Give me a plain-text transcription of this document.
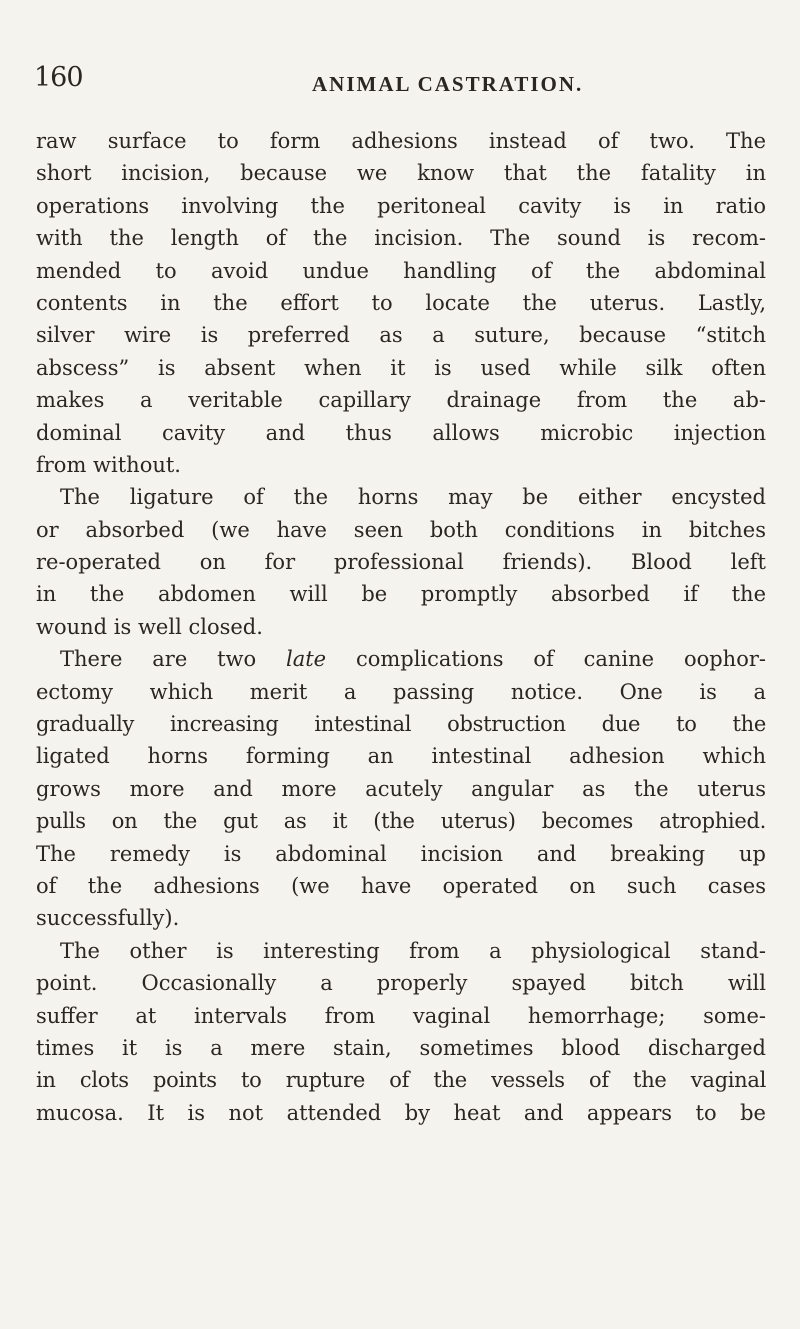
160	ANIMAL CASTRATION.
raw surface to form adhesions instead of two. The
short incision, because we know that the fatality in
operations involving the peritoneal cavity is in ratio
with the length of the incision. The sound is recom-
mended to avoid undue handling of the abdominal
contents in the effort to locate the uterus. Lastly,
silver wire is preferred as a suture, because “stitch
abscess” is absent when it is used while silk often
makes a veritable capillary drainage from the ab-
dominal cavity and thus allows microbic injection
from without.
The ligature of the horns may be either encysted
or absorbed (we have seen both conditions in bitches
re-operated on for professional friends). Blood left
in the abdomen will be promptly absorbed if the
wound is well closed.
There are two late complications of canine oophor-
ectomy which merit a passing notice. One is a
gradually increasing intestinal obstruction due to the
ligated horns forming an intestinal adhesion which
grows more and more acutely angular as the uterus
pulls on the gut as it (the uterus) becomes atrophied.
The remedy is abdominal incision and breaking up
of the adhesions (we have operated on such cases
successfully).
The other is interesting from a physiological stand-
point. Occasionally a properly spayed bitch will
suffer at intervals from vaginal hemorrhage; some-
times it is a mere stain, sometimes blood discharged
in clots points to rupture of the vessels of the vaginal
mucosa. It is not attended by heat and appears to be
